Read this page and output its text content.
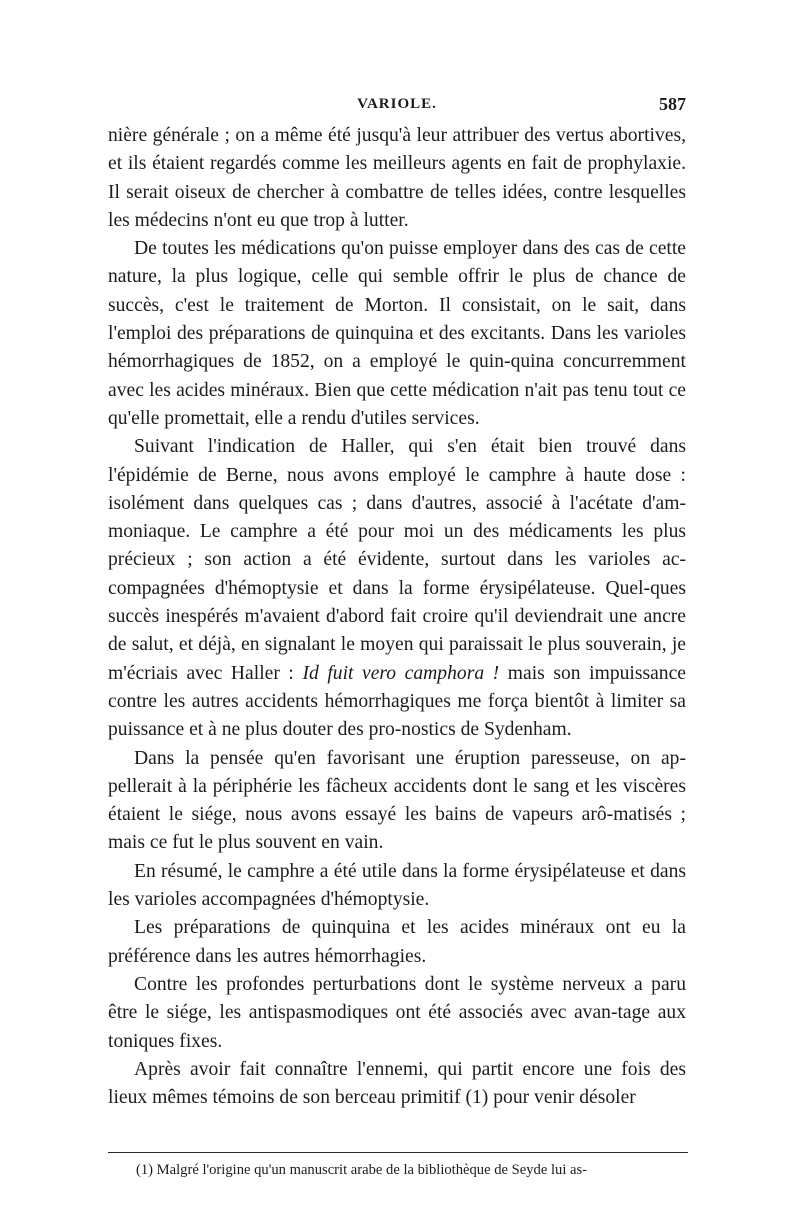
VARIOLE.	587

nière générale ; on a même été jusqu'à leur attribuer des vertus abortives, et ils étaient regardés comme les meilleurs agents en fait de prophylaxie. Il serait oiseux de chercher à combattre de telles idées, contre lesquelles les médecins n'ont eu que trop à lutter.

De toutes les médications qu'on puisse employer dans des cas de cette nature, la plus logique, celle qui semble offrir le plus de chance de succès, c'est le traitement de Morton. Il consistait, on le sait, dans l'emploi des préparations de quinquina et des excitants. Dans les varioles hémorrhagiques de 1852, on a employé le quin-quina concurremment avec les acides minéraux. Bien que cette médication n'ait pas tenu tout ce qu'elle promettait, elle a rendu d'utiles services.

Suivant l'indication de Haller, qui s'en était bien trouvé dans l'épidémie de Berne, nous avons employé le camphre à haute dose : isolément dans quelques cas ; dans d'autres, associé à l'acétate d'am-moniaque. Le camphre a été pour moi un des médicaments les plus précieux ; son action a été évidente, surtout dans les varioles ac-compagnées d'hémoptysie et dans la forme érysipélateuse. Quel-ques succès inespérés m'avaient d'abord fait croire qu'il deviendrait une ancre de salut, et déjà, en signalant le moyen qui paraissait le plus souverain, je m'écriais avec Haller : Id fuit vero camphora ! mais son impuissance contre les autres accidents hémorrhagiques me força bientôt à limiter sa puissance et à ne plus douter des pro-nostics de Sydenham.

Dans la pensée qu'en favorisant une éruption paresseuse, on ap-pellerait à la périphérie les fâcheux accidents dont le sang et les viscères étaient le siége, nous avons essayé les bains de vapeurs arô-matisés ; mais ce fut le plus souvent en vain.

En résumé, le camphre a été utile dans la forme érysipélateuse et dans les varioles accompagnées d'hémoptysie.

Les préparations de quinquina et les acides minéraux ont eu la préférence dans les autres hémorrhagies.

Contre les profondes perturbations dont le système nerveux a paru être le siége, les antispasmodiques ont été associés avec avan-tage aux toniques fixes.

Après avoir fait connaître l'ennemi, qui partit encore une fois des lieux mêmes témoins de son berceau primitif (1) pour venir désoler

(1) Malgré l'origine qu'un manuscrit arabe de la bibliothèque de Seyde lui as-
